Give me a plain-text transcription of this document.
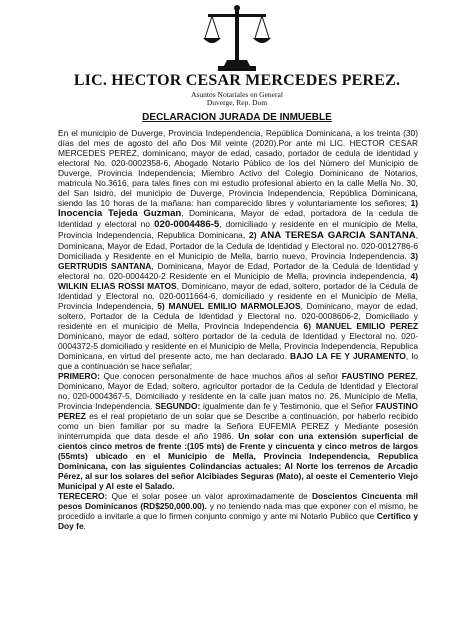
LIC. HECTOR CESAR MERCEDES PEREZ.
Asuntos Notariales en General
Duverge, Rep. Dom
DECLARACION JURADA DE INMUEBLE

En el municipio de Duverge, Provincia Independencia, República Dominicana, a los treinta (30) días del mes de agosto del año Dos Mil veinte (2020).Por ante mi LIC. HECTOR CESAR MERCEDES PEREZ, dominicano, mayor de edad, casado, portador de cedula de identidad y electoral No. 020-0002358-6, Abogado Notario Público de los del Número del Municipio de Duverge, Provincia Independencia; Miembro Activo del Colegio Dominicano de Notarios, matricula No.3616, para tales fines con mi estudio profesional abierto en la calle Mella No. 30, del San Isidro, del municipio de Duverge, Provincia Independencia, República Dominicana, siendo las 10 horas de la mañana: han comparecido libres y voluntariamente los señores; 1) Inocencia Tejeda Guzman, Dominicana, Mayor de edad, portadora de la cedula de Identidad y electoral no 020-0004486-5, domiciliado y residente en el municipio de Mella, Provincia Independencia, Republica Dominicana, 2) ANA TERESA GARCIA SANTANA, Dominicana, Mayor de Edad, Portador de la Cedula de Identidad y Electoral no. 020-0012786-6 Domiciliada y Residente en el Municipio de Mella, barrio nuevo, Provincia Independencia. 3) GERTRUDIS SANTANA, Dominicana, Mayor de Edad, Portador de la Cedula de Identidad y electoral no. 020-0004420-2 Residente en el Municipio de Mella, provincia independencia, 4) WILKIN ELIAS ROSSI MATOS, Dominicano, mayor de edad, soltero, portador de la Cedula de Identidad y Electoral no. 020-0011664-6, domiciliado y residente en el Municipio de Mella, Provincia Independencia, 5) MANUEL EMILIO MARMOLEJOS, Dominicano, mayor de edad, soltero, Portador de la Cedula de Identidad y Electoral no. 020-0008606-2, Domiciliado y residente en el municipio de Mella, Provincia Independencia 6) MANUEL EMILIO PEREZ Dominicano, mayor de edad, soltero portador de la cedula de Identidad y Electoral no. 020-0004372-5 domiciliado y residente en el Municipio de Mella, Provincia Independencia, Republica Dominicana, en virtud del presente acto, me han declarado. BAJO LA FE Y JURAMENTO, lo que a continuación se hace señalar;

PRIMERO: Que conocen personalmente de hace muchos años al señor FAUSTINO PEREZ, Dominicano, Mayor de Edad, soltero, agricultor portador de la Cedula de Identidad y Electoral no. 020-0004367-5, Domiciliado y residente en la calle juan matos no. 26, Municipio de Mella, Provincia Independencia. SEGUNDO: igualmente dan fe y Testimonio, que el Señor FAUSTINO PEREZ es el real propietario de un solar que se Describe a continuación, por haberlo recibido como un bien familiar por su madre la Señora EUFEMIA PEREZ y Mediante posesión ininterrumpida que data desde el año 1986. Un solar con una extensión superficial de cientos cinco metros de frente :(105 mts) de Frente y cincuenta y cinco metros de largos (55mts) ubicado en el Municipio de Mella, Provincia Independencia, Republica Dominicana, con las siguientes Colindancias actuales; Al Norte los terrenos de Arcadio Pérez, al sur los solares del señor Alcibiades Seguras (Mato), al oeste el Cementerio Viejo Municipal y Al este el Salado.

TERECERO: Que el solar posee un valor aproximadamente de Doscientos Cincuenta mil pesos Dominicanos (RD$250,000.00). y no teniendo nada mas que exponer con el mismo, he procedido a invitarle a que lo firmen conjunto conmigo y ante mi Notario Publico que Certifico y Doy fe.
